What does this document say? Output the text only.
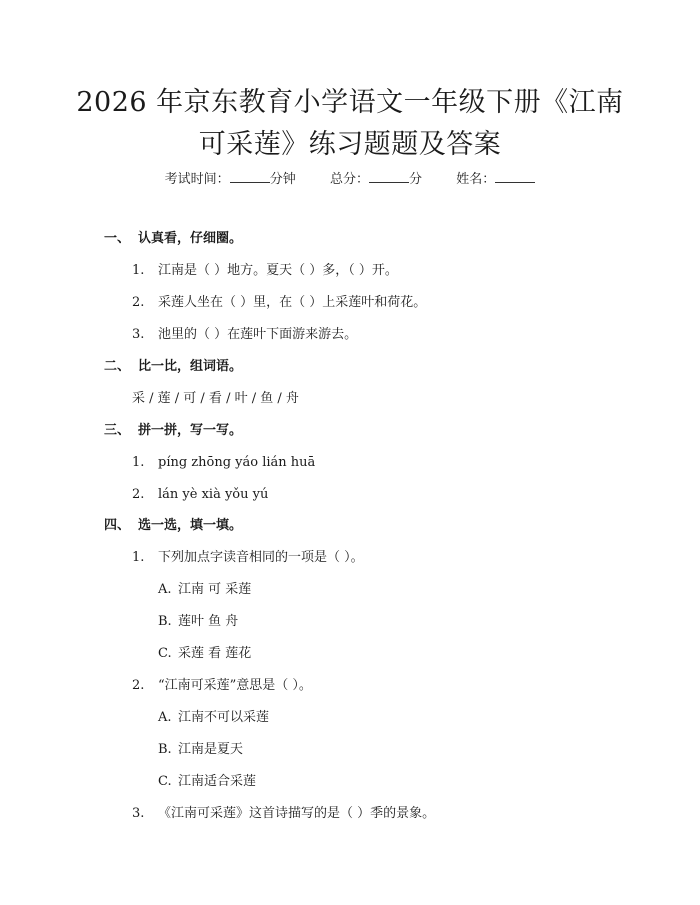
2026 年京东教育小学语文一年级下册《江南
可采莲》练习题题及答案
考试时间：	分钟	总分：	分	姓名：
一、 认真看，仔细圈。
1. 江南是（ ）地方。夏天（ ）多，（ ）开。
2. 采莲人坐在（ ）里，在（ ）上采莲叶和荷花。
3. 池里的（ ）在莲叶下面游来游去。
二、 比一比，组词语。
采 / 莲 / 可 / 看 / 叶 / 鱼 / 舟
三、 拼一拼，写一写。
1. píng zhōng yáo lián huā
2. lán yè xià yǒu yú
四、 选一选，填一填。
1. 下列加点字读音相同的一项是（ ）。
A. 江南 可 采莲
B. 莲叶 鱼 舟
C. 采莲 看 莲花
2. “江南可采莲”意思是（ ）。
A. 江南不可以采莲
B. 江南是夏天
C. 江南适合采莲
3. 《江南可采莲》这首诗描写的是（ ）季的景象。
